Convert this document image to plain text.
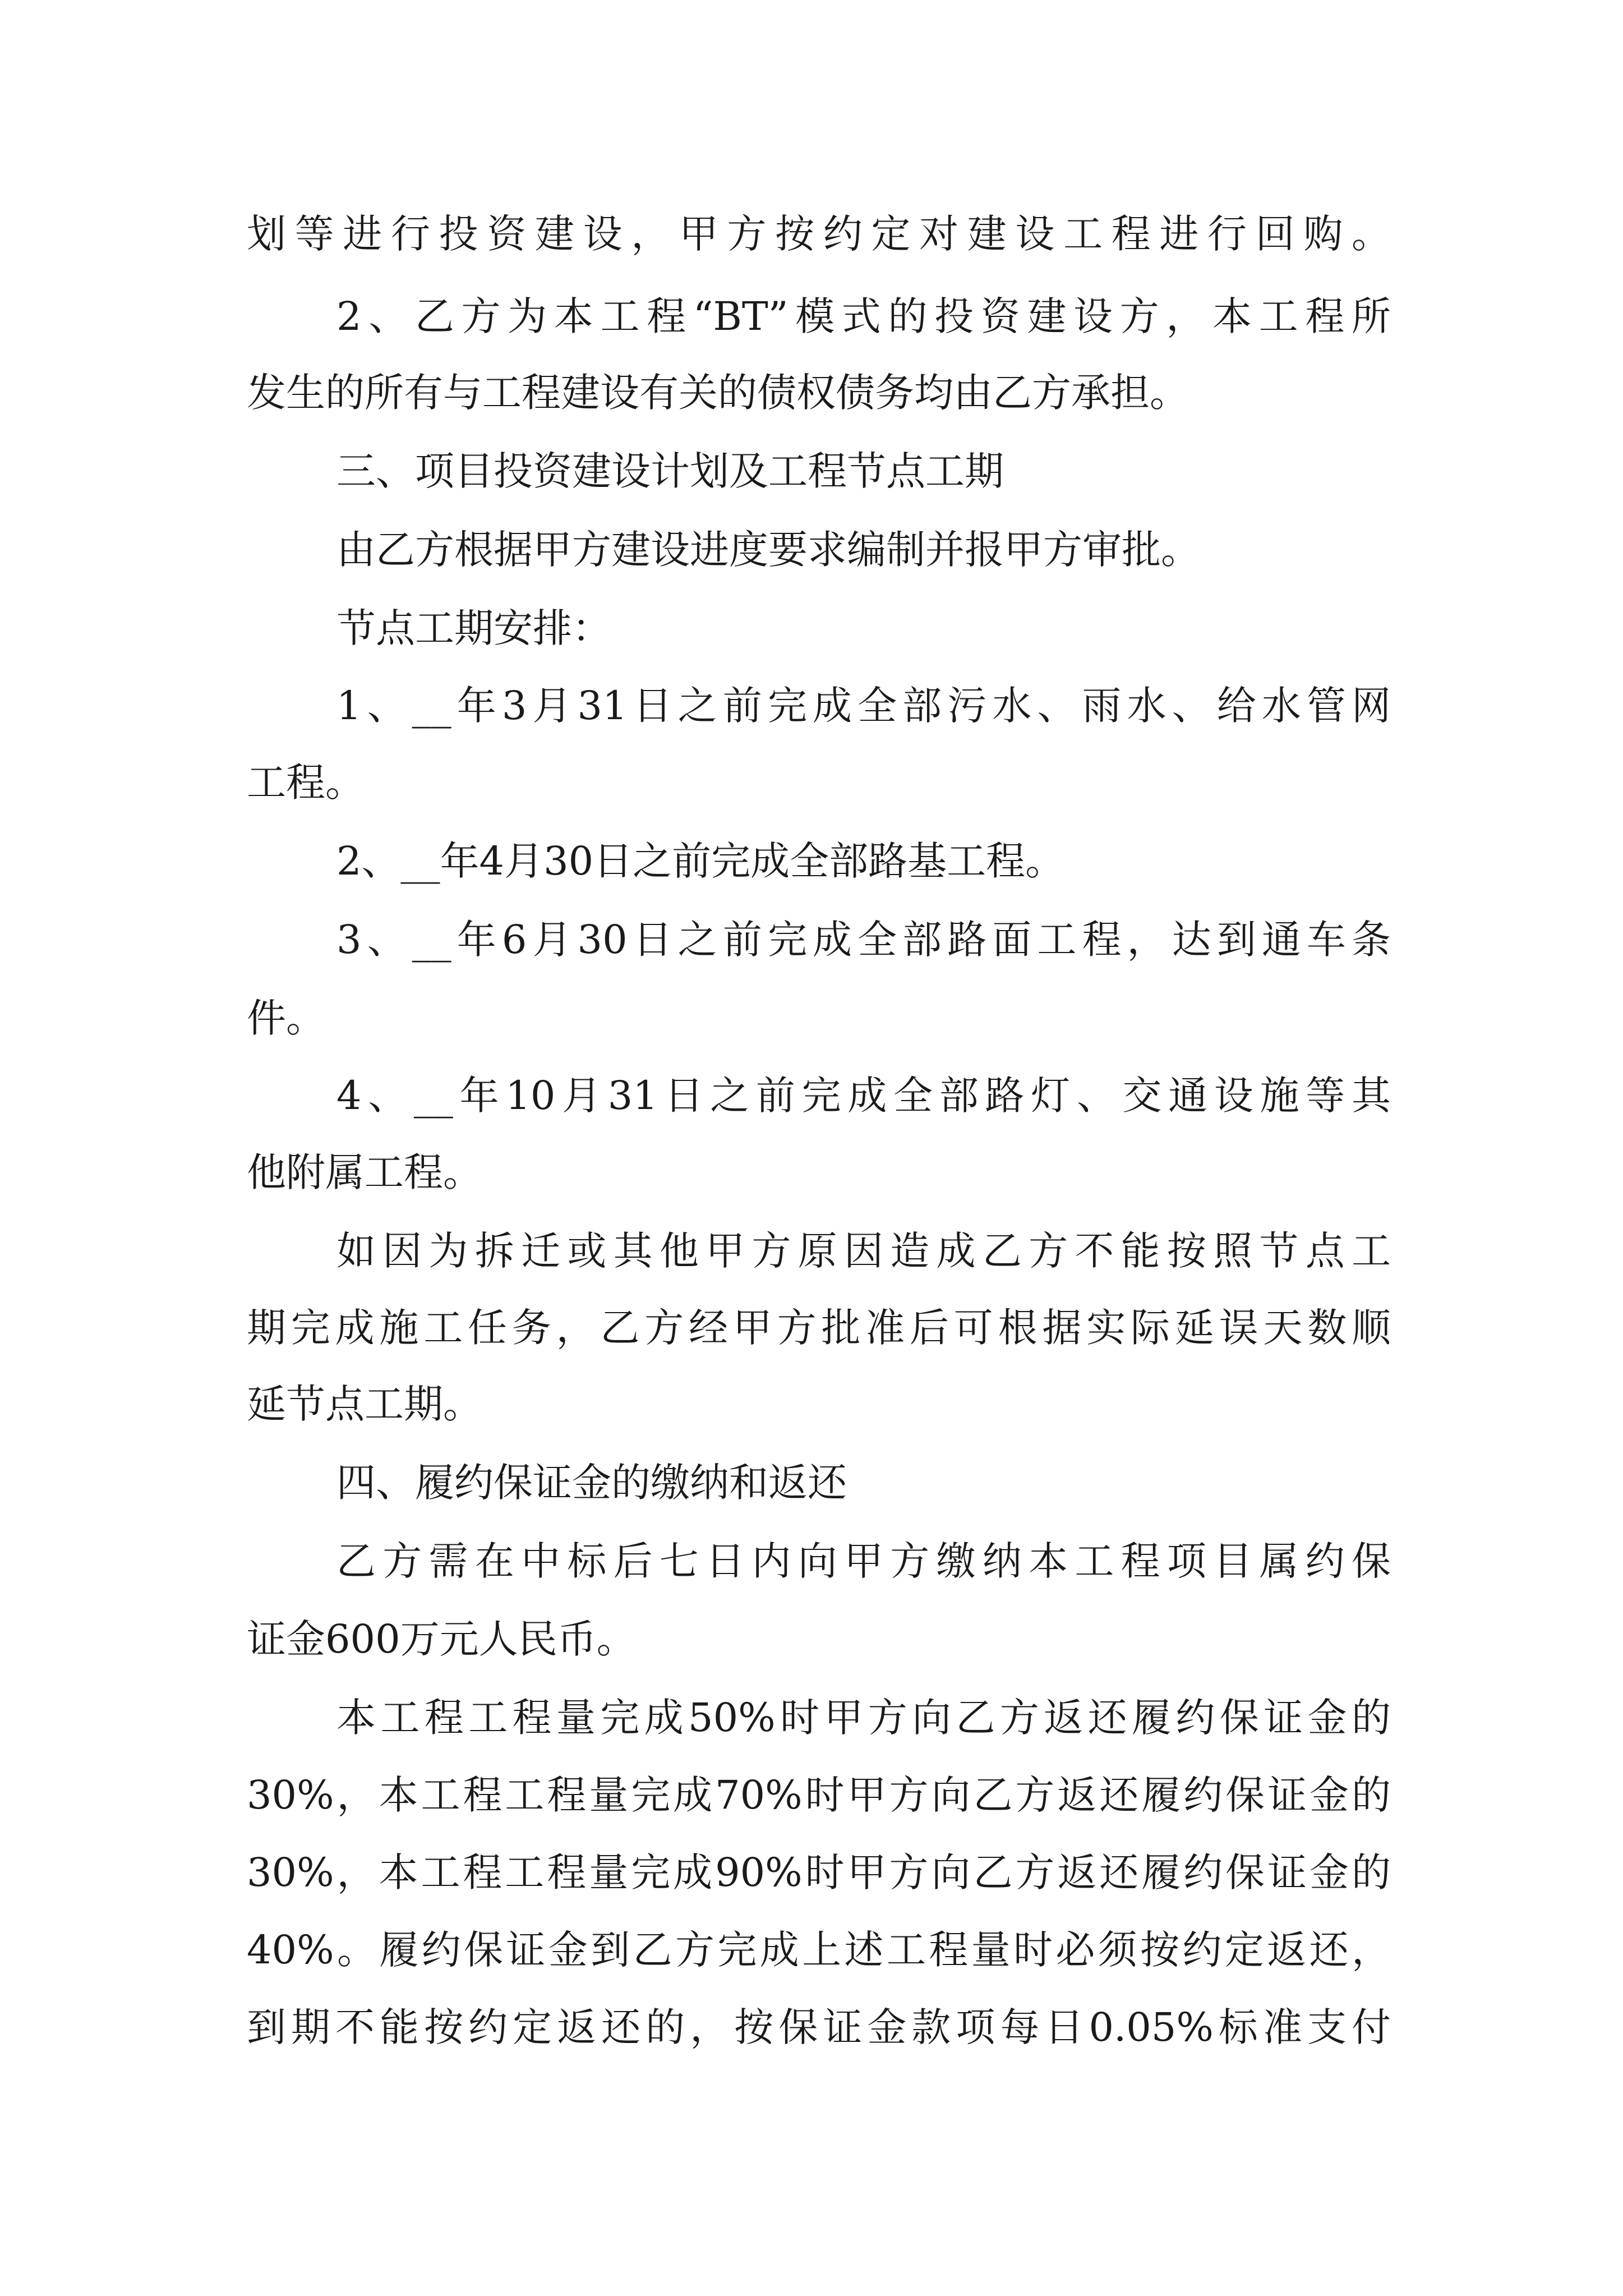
划等进行投资建设，甲方按约定对建设工程进行回购。
2、乙方为本工程“BT”模式的投资建设方，本工程所
发生的所有与工程建设有关的债权债务均由乙方承担。
三、项目投资建设计划及工程节点工期
由乙方根据甲方建设进度要求编制并报甲方审批。
节点工期安排：
1、__年3月31日之前完成全部污水、雨水、给水管网
工程。
2、__年4月30日之前完成全部路基工程。
3、__年6月30日之前完成全部路面工程，达到通车条
件。
4、__年10月31日之前完成全部路灯、交通设施等其
他附属工程。
如因为拆迁或其他甲方原因造成乙方不能按照节点工
期完成施工任务，乙方经甲方批准后可根据实际延误天数顺
延节点工期。
四、履约保证金的缴纳和返还
乙方需在中标后七日内向甲方缴纳本工程项目属约保
证金600万元人民币。
本工程工程量完成50%时甲方向乙方返还履约保证金的
30%，本工程工程量完成70%时甲方向乙方返还履约保证金的
30%，本工程工程量完成90%时甲方向乙方返还履约保证金的
40%。履约保证金到乙方完成上述工程量时必须按约定返还，
到期不能按约定返还的，按保证金款项每日0.05%标准支付
